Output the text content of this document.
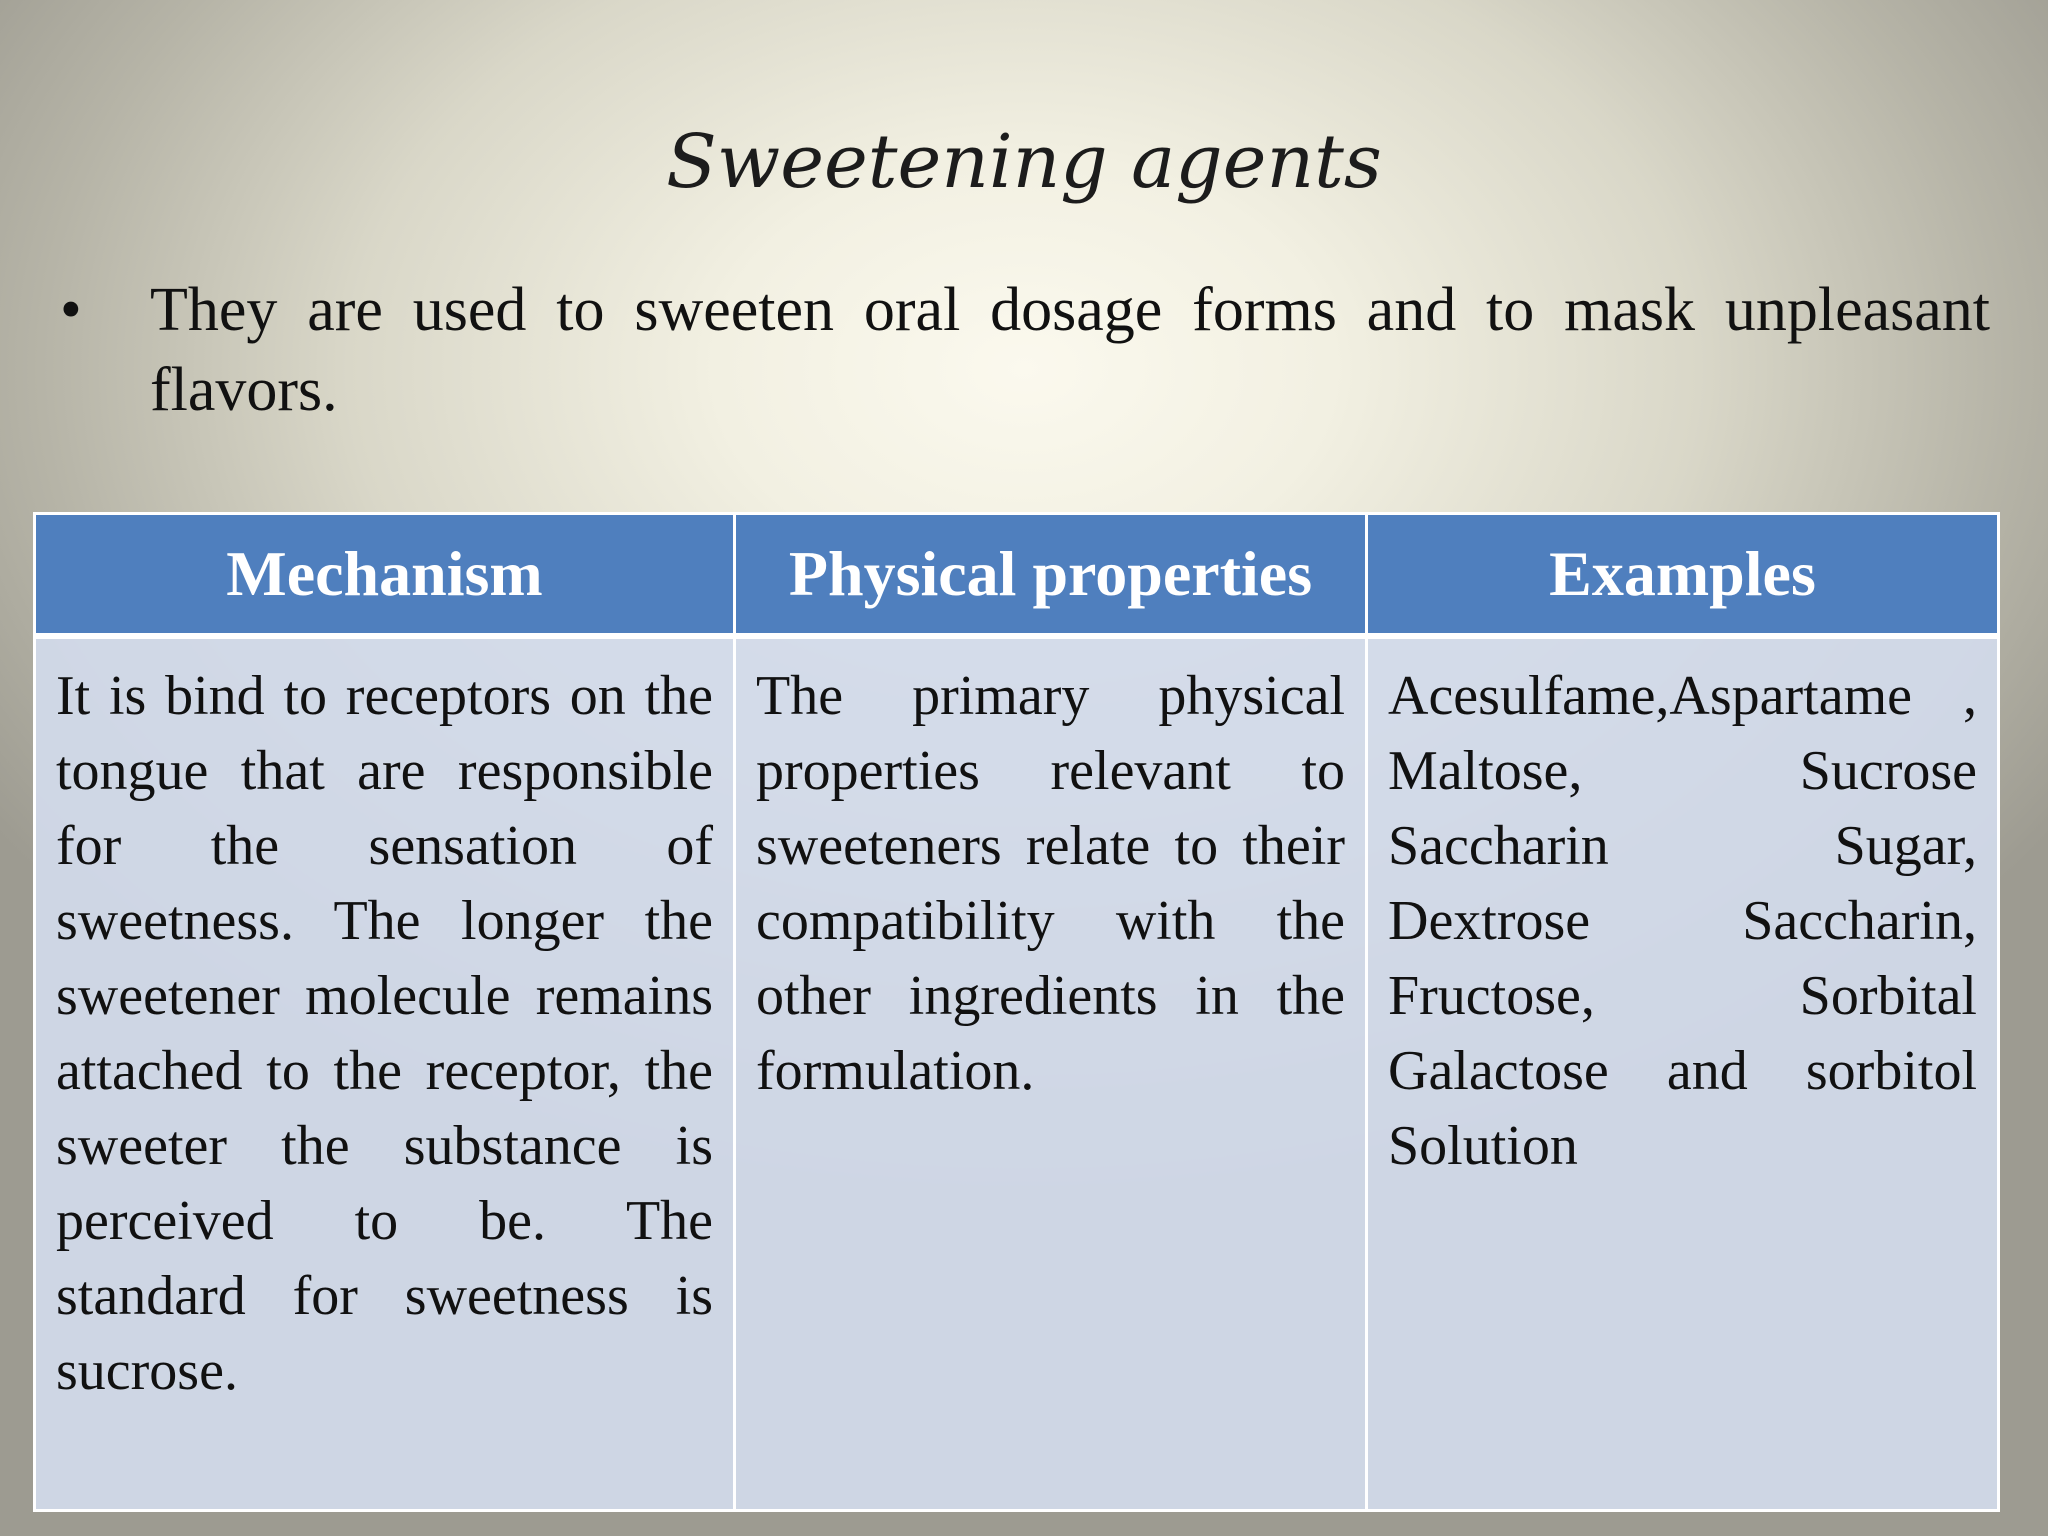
Sweetening agents
• They are used to sweeten oral dosage forms and to mask unpleasant flavors.
Mechanism	Physical properties	Examples
It is bind to receptors on the tongue that are responsible for the sensation of sweetness. The longer the sweetener molecule remains attached to the receptor, the sweeter the substance is perceived to be. The standard for sweetness is sucrose.	The primary physical properties relevant to sweeteners relate to their compatibility with the other ingredients in the formulation.	Acesulfame,Aspartame , Maltose, Sucrose Saccharin Sugar, Dextrose Saccharin, Fructose, Sorbital Galactose and sorbitol Solution
